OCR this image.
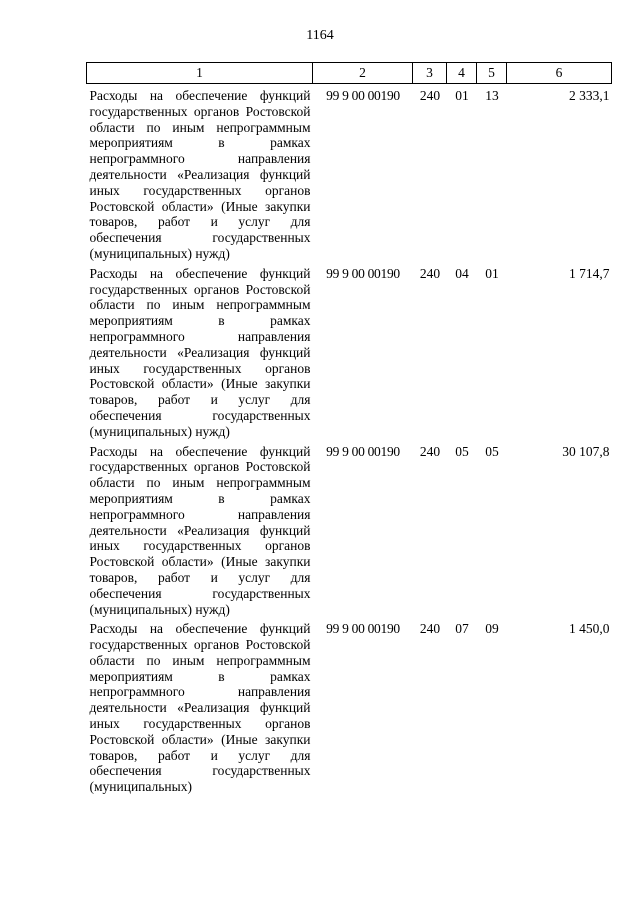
1164
1	2	3	4	5	6
Расходы на обеспечение функций государственных органов Ростовской области по иным непрограммным мероприятиям в рамках непрограммного направления деятельности «Реализация функций иных государственных органов Ростовской области» (Иные закупки товаров, работ и услуг для обеспечения государственных (муниципальных) нужд)	99 9 00 00190	240	01	13	2 333,1
Расходы на обеспечение функций государственных органов Ростовской области по иным непрограммным мероприятиям в рамках непрограммного направления деятельности «Реализация функций иных государственных органов Ростовской области» (Иные закупки товаров, работ и услуг для обеспечения государственных (муниципальных) нужд)	99 9 00 00190	240	04	01	1 714,7
Расходы на обеспечение функций государственных органов Ростовской области по иным непрограммным мероприятиям в рамках непрограммного направления деятельности «Реализация функций иных государственных органов Ростовской области» (Иные закупки товаров, работ и услуг для обеспечения государственных (муниципальных) нужд)	99 9 00 00190	240	05	05	30 107,8
Расходы на обеспечение функций государственных органов Ростовской области по иным непрограммным мероприятиям в рамках непрограммного направления деятельности «Реализация функций иных государственных органов Ростовской области» (Иные закупки товаров, работ и услуг для обеспечения государственных (муниципальных)	99 9 00 00190	240	07	09	1 450,0
